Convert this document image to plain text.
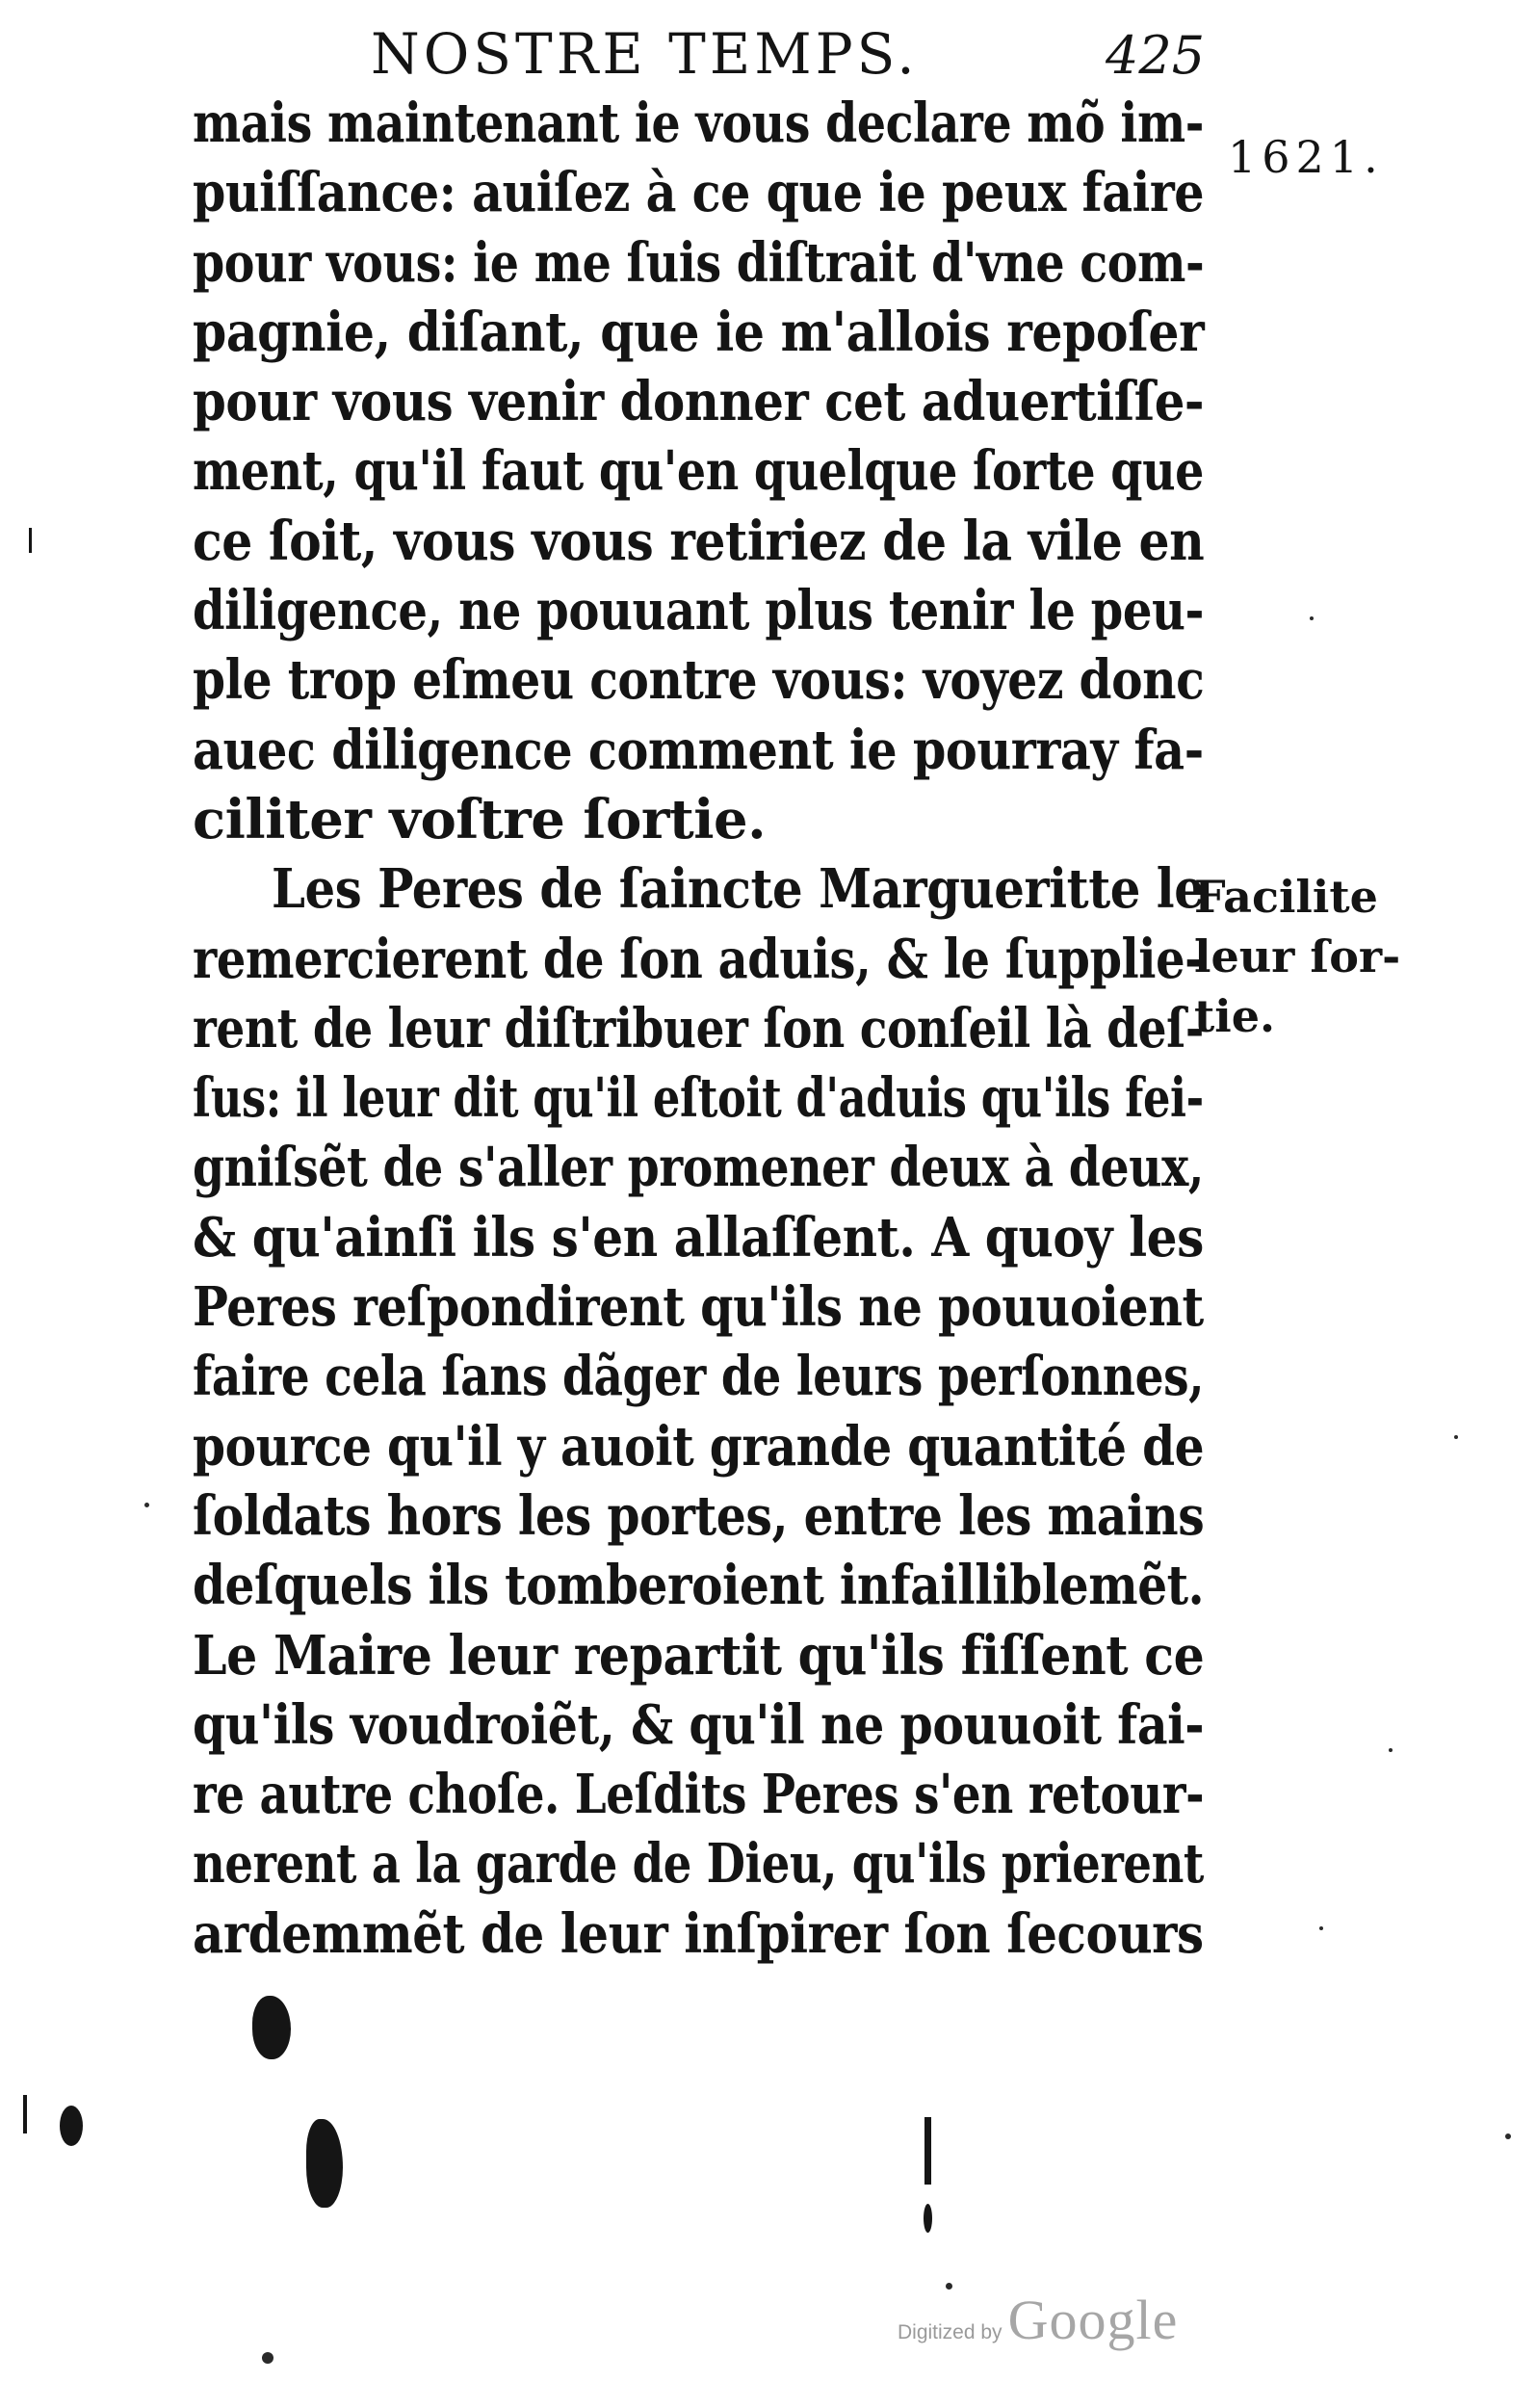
NOSTRE TEMPS.	425
1621.
mais maintenant ie vous declare mõ im-
puiſſance: auiſez à ce que ie peux faire
pour vous: ie me ſuis diſtrait d'vne com-
pagnie, diſant, que ie m'allois repoſer
pour vous venir donner cet aduertiſſe-
ment, qu'il faut qu'en quelque ſorte que
ce ſoit, vous vous retiriez de la vile en
diligence, ne pouuant plus tenir le peu-
ple trop eſmeu contre vous: voyez donc
auec diligence comment ie pourray fa-
ciliter voſtre ſortie.
Les Peres de ſaincte Margueritte le
remercierent de ſon aduis, & le ſupplie-
rent de leur diſtribuer ſon conſeil là deſ-
ſus: il leur dit qu'il eſtoit d'aduis qu'ils fei-
gniſsẽt de s'aller promener deux à deux,
& qu'ainſi ils s'en allaſſent. A quoy les
Peres reſpondirent qu'ils ne pouuoient
faire cela ſans dãger de leurs perſonnes,
pource qu'il y auoit grande quantité de
ſoldats hors les portes, entre les mains
deſquels ils tomberoient infailliblemẽt.
Le Maire leur repartit qu'ils fiſſent ce
qu'ils voudroiẽt, & qu'il ne pouuoit fai-
re autre choſe. Leſdits Peres s'en retour-
nerent a la garde de Dieu, qu'ils prierent
ardemmẽt de leur inſpirer ſon ſecours
Facilite
leur ſor-
tie.
Digitized by Google
